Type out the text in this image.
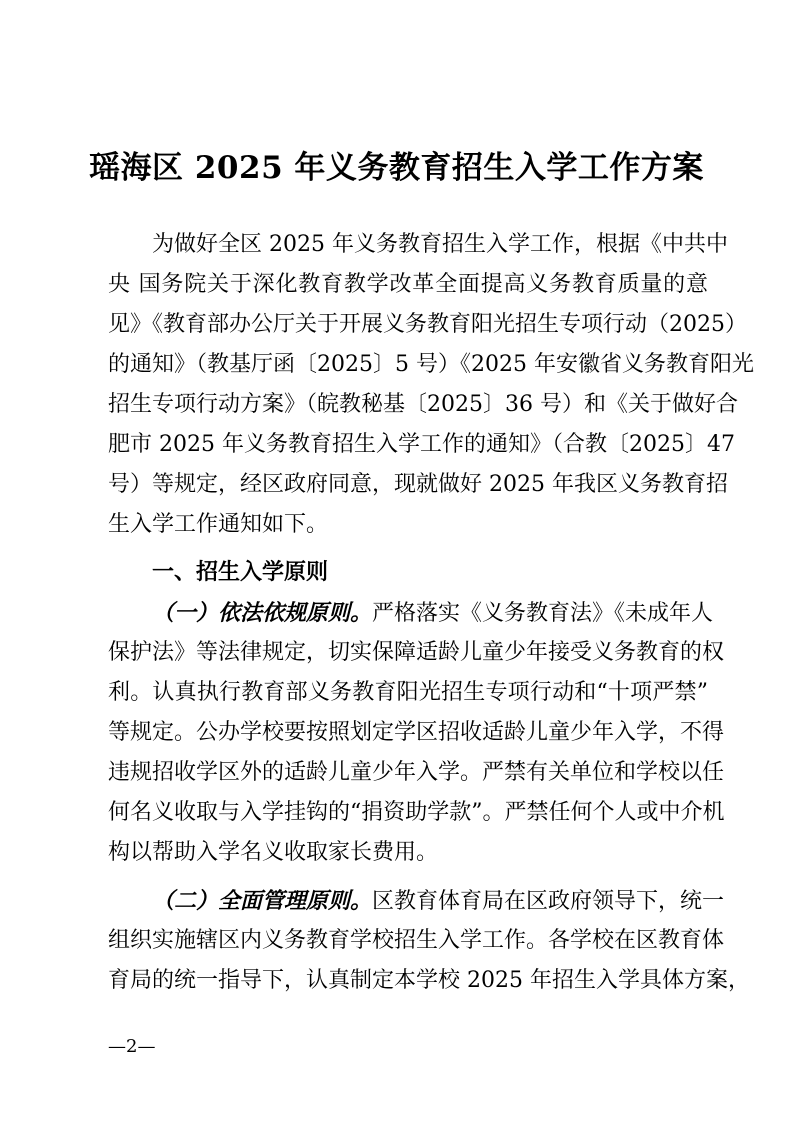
瑶海区 2025 年义务教育招生入学工作方案
为做好全区 2025 年义务教育招生入学工作，根据《中共中
央 国务院关于深化教育教学改革全面提高义务教育质量的意
见》《教育部办公厅关于开展义务教育阳光招生专项行动（2025）
的通知》（教基厅函〔2025〕5 号）《2025 年安徽省义务教育阳光
招生专项行动方案》（皖教秘基〔2025〕36 号）和《关于做好合
肥市 2025 年义务教育招生入学工作的通知》（合教〔2025〕47
号）等规定，经区政府同意，现就做好 2025 年我区义务教育招
生入学工作通知如下。
一、招生入学原则
（一）依法依规原则。严格落实《义务教育法》《未成年人
保护法》等法律规定，切实保障适龄儿童少年接受义务教育的权
利。认真执行教育部义务教育阳光招生专项行动和“十项严禁”
等规定。公办学校要按照划定学区招收适龄儿童少年入学，不得
违规招收学区外的适龄儿童少年入学。严禁有关单位和学校以任
何名义收取与入学挂钩的“捐资助学款”。严禁任何个人或中介机
构以帮助入学名义收取家长费用。
（二）全面管理原则。区教育体育局在区政府领导下，统一
组织实施辖区内义务教育学校招生入学工作。各学校在区教育体
育局的统一指导下，认真制定本学校 2025 年招生入学具体方案，
—2—
